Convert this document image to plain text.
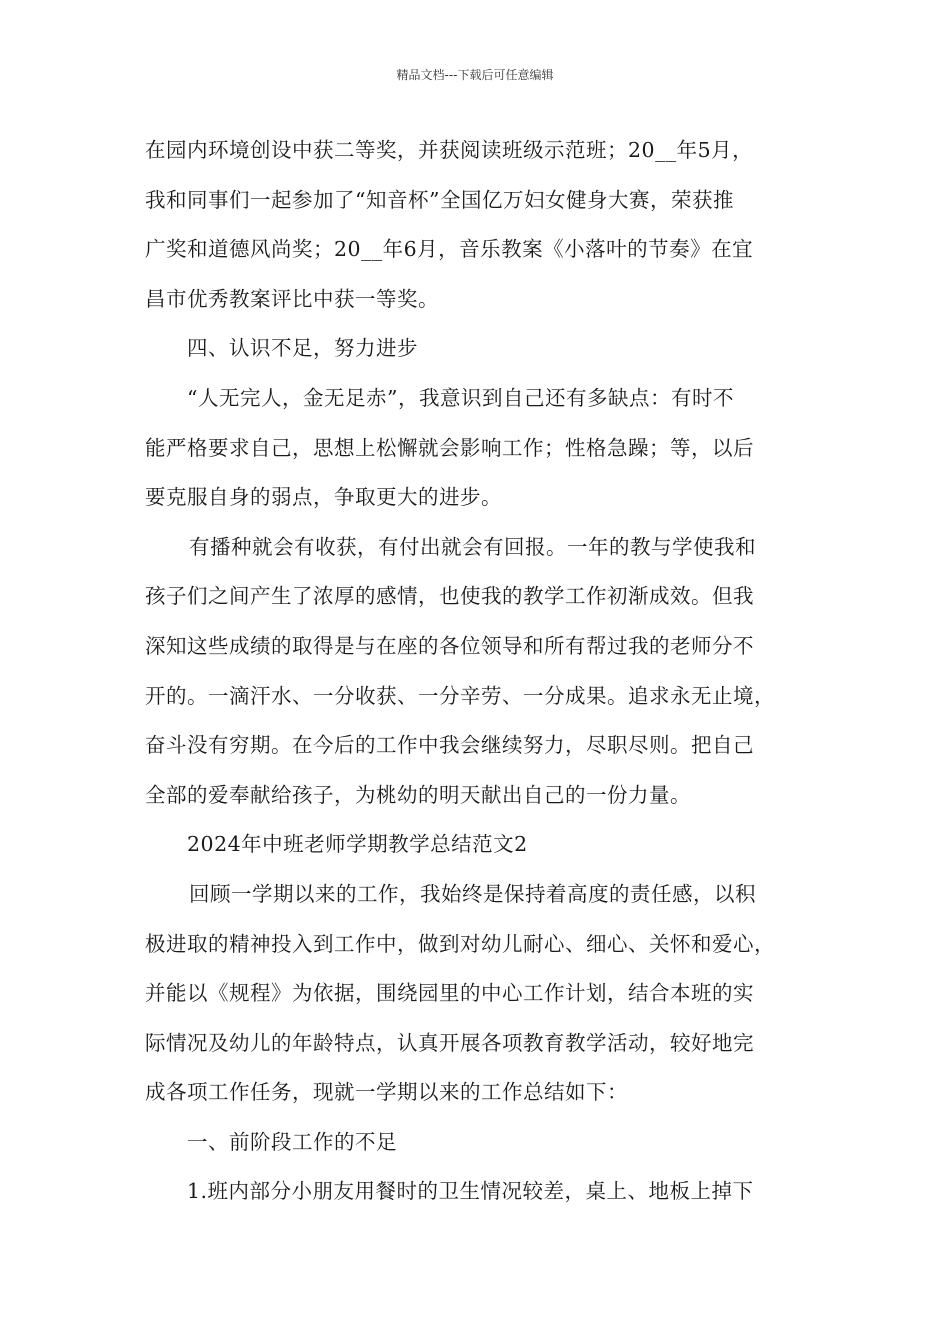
精品文档---下载后可任意编辑
在园内环境创设中获二等奖，并获阅读班级示范班；20__年5月，
我和同事们一起参加了“知音杯”全国亿万妇女健身大赛，荣获推
广奖和道德风尚奖；20__年6月，音乐教案《小落叶的节奏》在宜
昌市优秀教案评比中获一等奖。
四、认识不足，努力进步
“人无完人，金无足赤”，我意识到自己还有多缺点：有时不
能严格要求自己，思想上松懈就会影响工作；性格急躁；等，以后
要克服自身的弱点，争取更大的进步。
有播种就会有收获，有付出就会有回报。一年的教与学使我和
孩子们之间产生了浓厚的感情，也使我的教学工作初渐成效。但我
深知这些成绩的取得是与在座的各位领导和所有帮过我的老师分不
开的。一滴汗水、一分收获、一分辛劳、一分成果。追求永无止境，
奋斗没有穷期。在今后的工作中我会继续努力，尽职尽则。把自己
全部的爱奉献给孩子，为桃幼的明天献出自己的一份力量。
2024年中班老师学期教学总结范文2
回顾一学期以来的工作，我始终是保持着高度的责任感，以积
极进取的精神投入到工作中，做到对幼儿耐心、细心、关怀和爱心，
并能以《规程》为依据，围绕园里的中心工作计划，结合本班的实
际情况及幼儿的年龄特点，认真开展各项教育教学活动，较好地完
成各项工作任务，现就一学期以来的工作总结如下：
一、前阶段工作的不足
1.班内部分小朋友用餐时的卫生情况较差，桌上、地板上掉下
